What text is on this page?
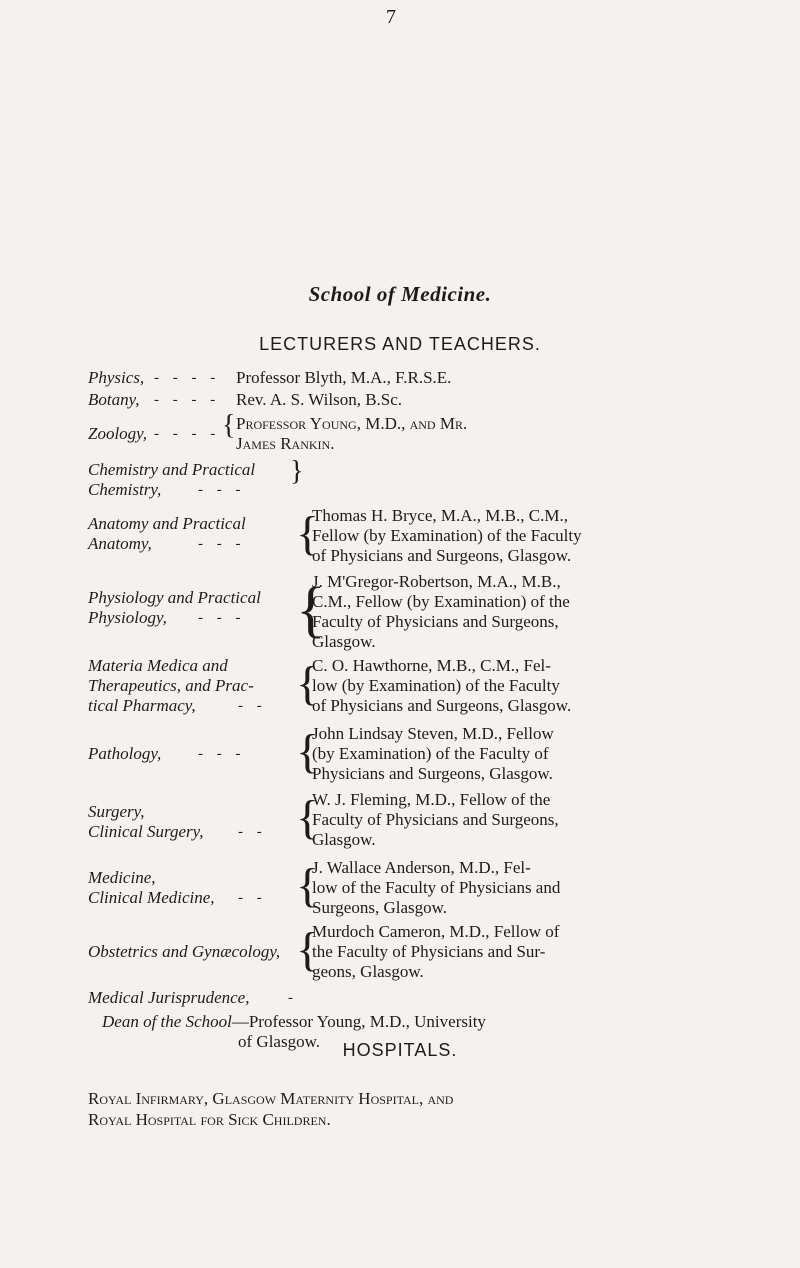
7
School of Medicine.
LECTURERS AND TEACHERS.
Physics, - - - - Professor Blyth, M.A., F.R.S.E.
Botany, - - - - Rev. A. S. Wilson, B.Sc.
Zoology, - - - - { Professor Young, M.D., and Mr.
James Rankin.
Chemistry and Practical
Chemistry,	- - -
}
Anatomy and Practical
Anatomy,	- - - {
Thomas H. Bryce, M.A., M.B., C.M.,
Fellow (by Examination) of the Faculty
of Physicians and Surgeons, Glasgow.
Physiology and Practical
Physiology,	- - - {
J. M'Gregor-Robertson, M.A., M.B.,
C.M., Fellow (by Examination) of the
Faculty of Physicians and Surgeons,
Glasgow.
Materia Medica and
Therapeutics, and Prac-
tical Pharmacy,	- - {
C. O. Hawthorne, M.B., C.M., Fel-
low (by Examination) of the Faculty
of Physicians and Surgeons, Glasgow.
Pathology, - - - {
John Lindsay Steven, M.D., Fellow
(by Examination) of the Faculty of
Physicians and Surgeons, Glasgow.
Surgery,
Clinical Surgery, - - {
W. J. Fleming, M.D., Fellow of the
Faculty of Physicians and Surgeons,
Glasgow.
Medicine,
Clinical Medicine, - - {
J. Wallace Anderson, M.D., Fel-
low of the Faculty of Physicians and
Surgeons, Glasgow.
Obstetrics and Gynæcology, {
Murdoch Cameron, M.D., Fellow of
the Faculty of Physicians and Sur-
geons, Glasgow.
Medical Jurisprudence,	-
Dean of the School—Professor Young, M.D., University
of Glasgow.	HOSPITALS.
Royal Infirmary, Glasgow Maternity Hospital, and
Royal Hospital for Sick Children.
